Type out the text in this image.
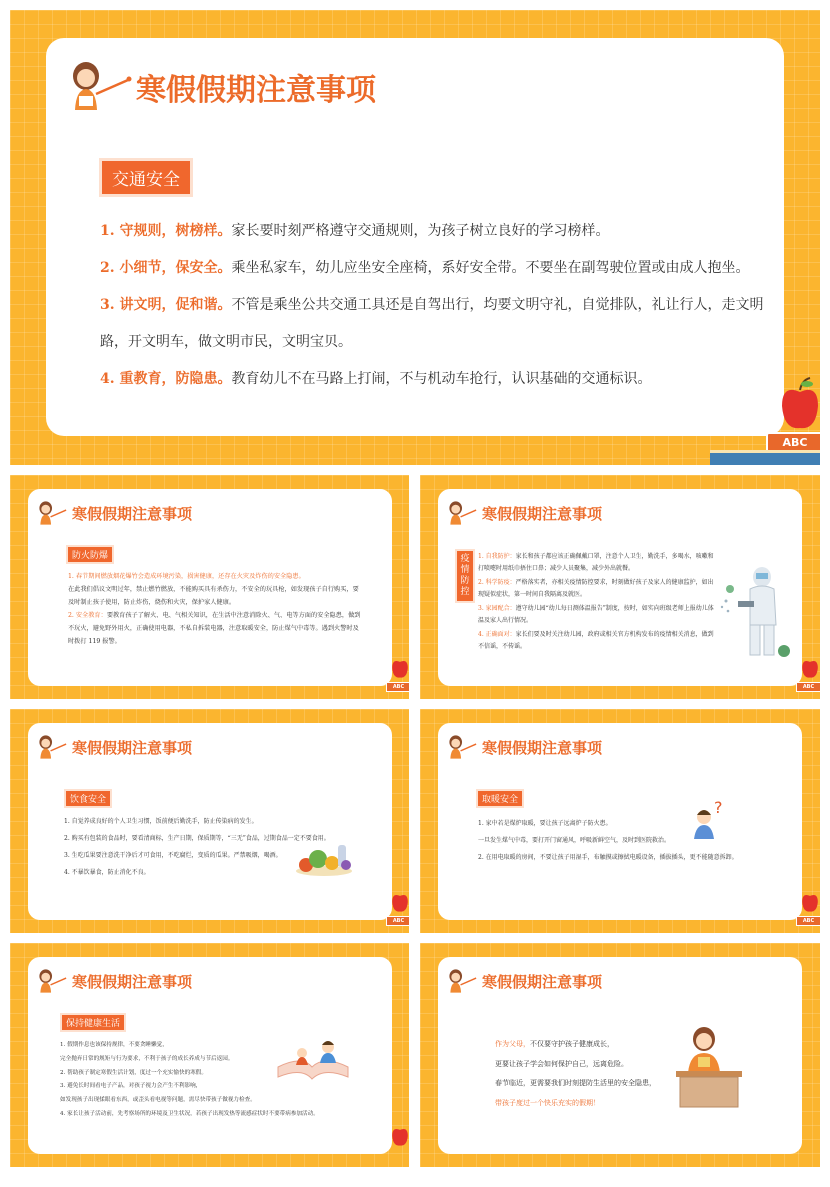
寒假假期注意事项
交通安全

1. 守规则，树榜样。家长要时刻严格遵守交通规则，为孩子树立良好的学习榜样。

2. 小细节，保安全。乘坐私家车，幼儿应坐安全座椅，系好安全带。不要坐在副驾驶位置或由成人抱坐。

3. 讲文明，促和谐。不管是乘坐公共交通工具还是自驾出行，均要文明守礼，自觉排队，礼让行人，走文明路，开文明车，做文明市民，文明宝贝。

4. 重教育，防隐患。教育幼儿不在马路上打闹，不与机动车抢行，认识基础的交通标识。

ABC
寒假假期注意事项
防火防爆

1. 春节期间燃放烟花爆竹会造成环境污染，损害健康，还存在火灾及炸伤的安全隐患。

在此我们倡议文明过年，禁止燃竹燃放，不能购买具有杀伤力，不安全的玩具枪，如发现孩子自行购买，要及时制止孩子使用，防止炸伤，烧伤和火灾，保护家人健康。

2. 安全教育：要教育孩子了解火、电、气相关知识，在生活中注意消除火、气、电等方面的安全隐患，做到不玩火，避免野外用火，正确使用电器，不私自拆装电器，注意取暖安全，防止煤气中毒等。遇到火警时及时拨打 119 报警。

ABC
寒假假期注意事项
疫情防控

1. 自我防护：家长和孩子都应该正确佩戴口罩，注意个人卫生，勤洗手，多喝水，咳嗽和打喷嚏时用纸巾捂住口鼻；减少人员聚集，减少外出就餐。

2. 科学防疫：严格落实者，亦相关疫情防控要求，时刻做好孩子及家人的健康监护，如出现疑似症状，第一时间自我隔离及就医。

3. 家园配合：遵守幼儿园“幼儿每日测体温报告”制度，按时，如实向班级老师上报幼儿体温及家人出行情况。

4. 正确面对：家长们要及时关注幼儿园，政府或相关官方机构发布的疫情相关消息，做到不信谣，不传谣。

ABC
寒假假期注意事项
饮食安全

1. 自觉养成良好的个人卫生习惯，饭前便后勤洗手，防止传染病的发生。

2. 购买有包装的食品时，要看清商标，生产日期，保质期等，“三无”食品，过期食品一定不要食用。

3. 生吃瓜果要注意洗干净后才可食用，不吃腐烂，变质的瓜果。严禁吸烟，喝酒。

4. 不暴饮暴食，防止消化不良。

ABC
寒假假期注意事项
取暖安全

1. 家中若是煤炉取暖，要让孩子远离炉子防火患。

一旦发生煤气中毒，要打开门窗通风，呼吸新鲜空气，及时到医院救治。

2. 在用电取暖的房间，不要让孩子用湿手，布触摸或擦拭电暖设备，插拔插头，更不能随意拆卸。

?
ABC
寒假假期注意事项
保持健康生活

1. 假期作息也该保持规律，不要贪睡懒觉，

完全抛弃日常的规矩与行为要求，不利于孩子的成长养成与节后返园。

2. 帮助孩子制定寒假生活计划，度过一个充实愉快的寒假。

3. 避免长时间看电子产品，对孩子视力会产生不利影响，

如发现孩子出现揉眼看东西，或歪头看电视等问题，需尽快带孩子做视力检查。

4. 家长让孩子活动前，先考察场所的环境及卫生状况，若孩子出现发热等流感症状时不要带病参加活动。

寒假假期注意事项

作为父母，不仅要守护孩子健康成长，

更要让孩子学会如何保护自己，远离危险。

春节临近，更需要我们时刻提防生活里的安全隐患，

带孩子度过一个快乐充实的假期！
